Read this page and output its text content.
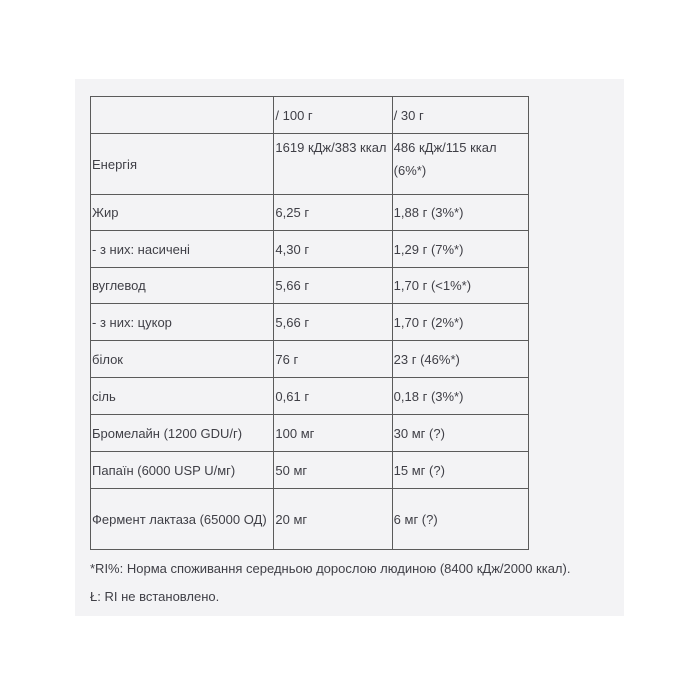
	/ 100 г	/ 30 г
Енергія	1619 кДж/383 ккал	486 кДж/115 ккал (6%*)
Жир	6,25 г	1,88 г (3%*)
- з них: насичені	4,30 г	1,29 г (7%*)
вуглевод	5,66 г	1,70 г (<1%*)
- з них: цукор	5,66 г	1,70 г (2%*)
білок	76 г	23 г (46%*)
сіль	0,61 г	0,18 г (3%*)
Бромелайн (1200 GDU/г)	100 мг	30 мг (?)
Папаїн (6000 USP U/мг)	50 мг	15 мг (?)
Фермент лактаза (65000 ОД)	20 мг	6 мг (?)
*RI%: Норма споживання середньою дорослою людиною (8400 кДж/2000 ккал).
Ł: RI не встановлено.
